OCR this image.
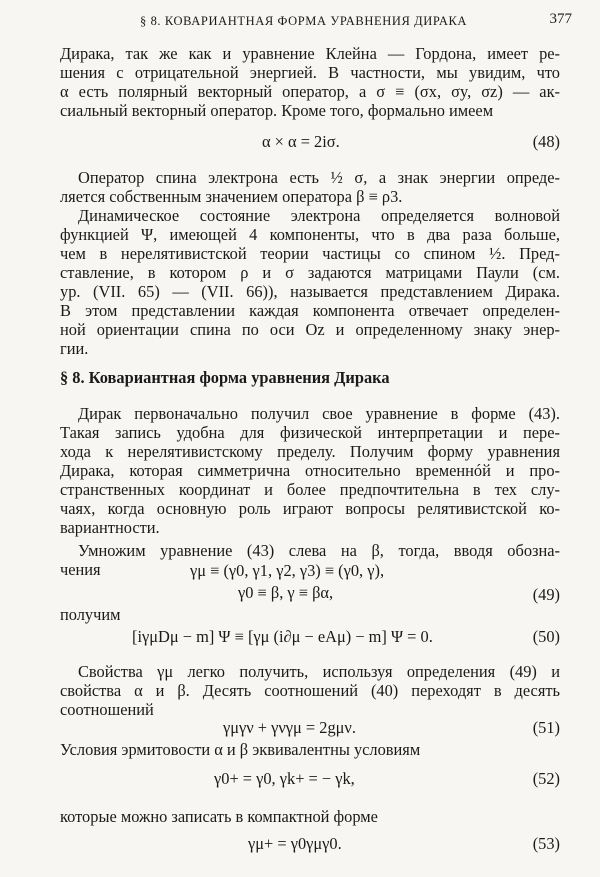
§ 8. КОВАРИАНТНАЯ ФОРМА УРАВНЕНИЯ ДИРАКА	377
Дирака, так же как и уравнение Клейна — Гордона, имеет ре-
шения с отрицательной энергией. В частности, мы увидим, что
α есть полярный векторный оператор, а σ ≡ (σx, σy, σz) — ак-
сиальный векторный оператор. Кроме того, формально имеем
α × α = 2iσ.	(48)
Оператор спина электрона есть ½ σ, а знак энергии опреде-
ляется собственным значением оператора β ≡ ρ3.
Динамическое состояние электрона определяется волновой
функцией Ψ, имеющей 4 компоненты, что в два раза больше,
чем в нерелятивистской теории частицы со спином ½. Пред-
ставление, в котором ρ и σ задаются матрицами Паули (см.
ур. (VII. 65) — (VII. 66)), называется представлением Дирака.
В этом представлении каждая компонента отвечает определен-
ной ориентации спина по оси Oz и определенному знаку энер-
гии.
§ 8. Ковариантная форма уравнения Дирака
Дирак первоначально получил свое уравнение в форме (43).
Такая запись удобна для физической интерпретации и пере-
хода к нерелятивистскому пределу. Получим форму уравнения
Дирака, которая симметрична относительно временнóй и про-
странственных координат и более предпочтительна в тех слу-
чаях, когда основную роль играют вопросы релятивистской ко-
вариантности.
Умножим уравнение (43) слева на β, тогда, вводя обозна-
чения	γμ ≡ (γ0, γ1, γ2, γ3) ≡ (γ0, γ),
γ0 ≡ β, γ ≡ βα,	(49)
получим
[iγμDμ − m] Ψ ≡ [γμ (i∂μ − eAμ) − m] Ψ = 0.	(50)
Свойства γμ легко получить, используя определения (49) и
свойства α и β. Десять соотношений (40) переходят в десять
соотношений
γμγν + γνγμ = 2gμν.	(51)
Условия эрмитовости α и β эквивалентны условиям
γ0+ = γ0, γk+ = − γk,	(52)
которые можно записать в компактной форме
γμ+ = γ0γμγ0.	(53)
